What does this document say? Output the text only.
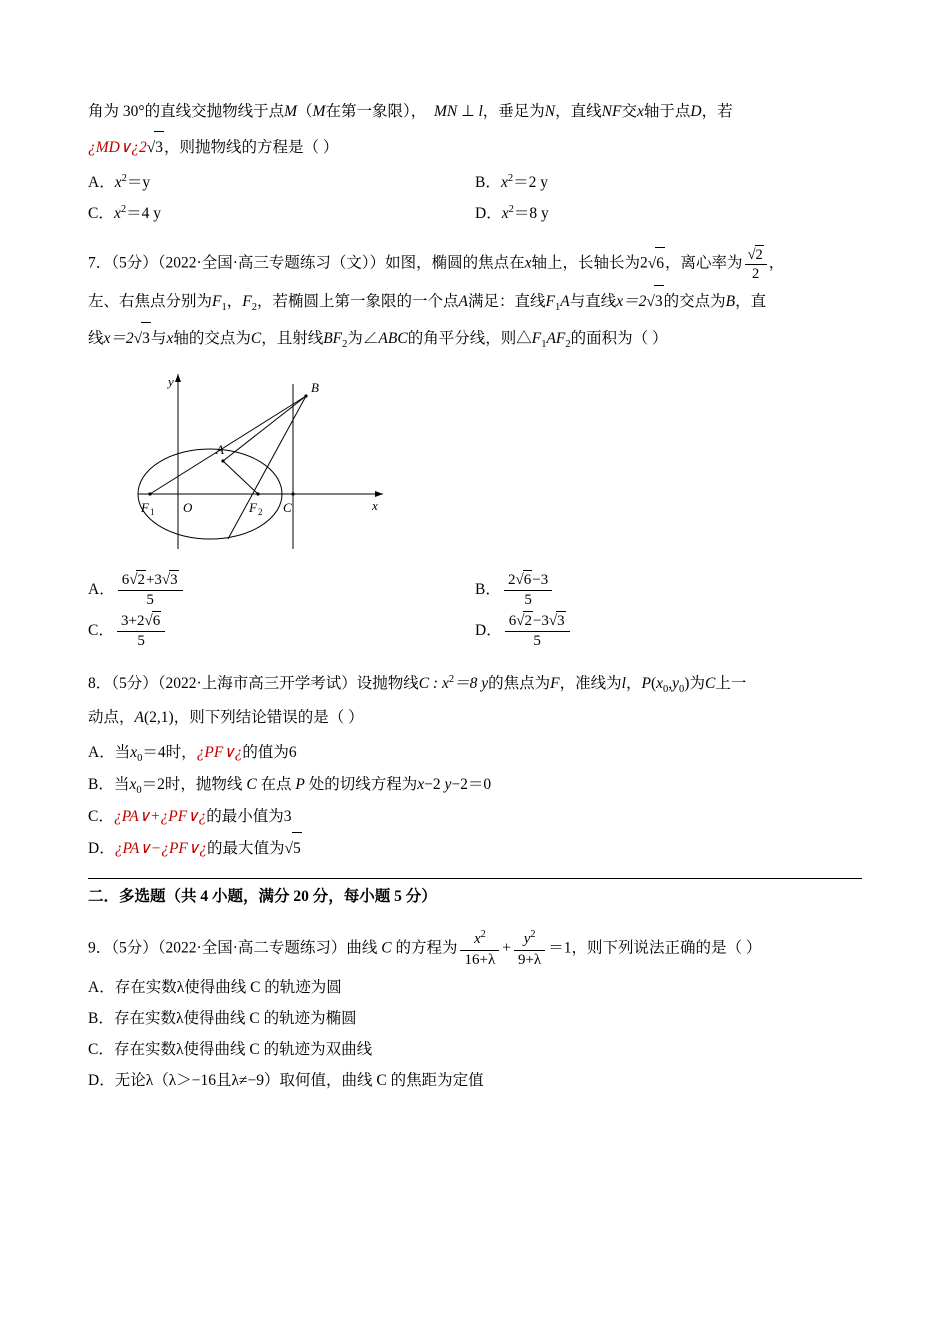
角为 30°的直线交抛物线于点M（M在第一象限）， MN ⊥ l，垂足为N，直线NF交x轴于点D，若
¿MD∨¿2 √ 3，则抛物线的方程是（ ）
A．$x^2=y$	B．$x^2=2$ y
C．$x^2=4$ y	D．$x^2=8$ y
7．（5分）（2022·全国·高三专题练习（文））如图，椭圆的焦点在x轴上，长轴长为2 √ 6，离心率为 √ $\frac{2}{2}$ ，
左、右焦点分别为$F_1$，$F_2$，若椭圆上第一象限的一个点A满足：直线$F_1A$与直线x＝2 √ 3的交点为B，直
线x＝2 √ 3与x轴的交点为C，且射线$BF_2$为∠ABC的角平分线，则$\triangle F_1AF_2$的面积为（ ）
y
x
B
A
F 1 O	F 2 C
A． $\frac{6 √ 2+3 √ 3}{5}$	B． $\frac{2 √ 6-3}{5}$
C． $\frac{3+2 √ 6}{5}$	D． $\frac{6 √ 2-3 √ 3}{5}$
8．（5分）（2022·上海市高三开学考试）设抛物线C : $x^2=8$ y的焦点为F，准线为l，$P(x_0,y_0)$为C上一
动点，A(2,1)，则下列结论错误的是（ ）
A．当$x_0=4$时，¿PF∨¿的值为6
B．当$x_0=2$时，抛物线 C 在点 P 处的切线方程为x−2 y−2＝0
C．¿PA∨+¿PF∨¿的最小值为3
D．¿PA∨−¿PF∨¿的最大值为 √ 5
二．多选题（共 4 小题，满分 20 分，每小题 5 分）
9．（5分）（2022·全国·高二专题练习）曲线 C 的方程为 $\frac{x^2}{16+\lambda} + \frac{y^2}{9+\lambda} =1$，则下列说法正确的是（ ）
A．存在实数λ使得曲线 C 的轨迹为圆
B．存在实数λ使得曲线 C 的轨迹为椭圆
C．存在实数λ使得曲线 C 的轨迹为双曲线
D．无论λ（λ＞−16且λ≠−9）取何值，曲线 C 的焦距为定值
